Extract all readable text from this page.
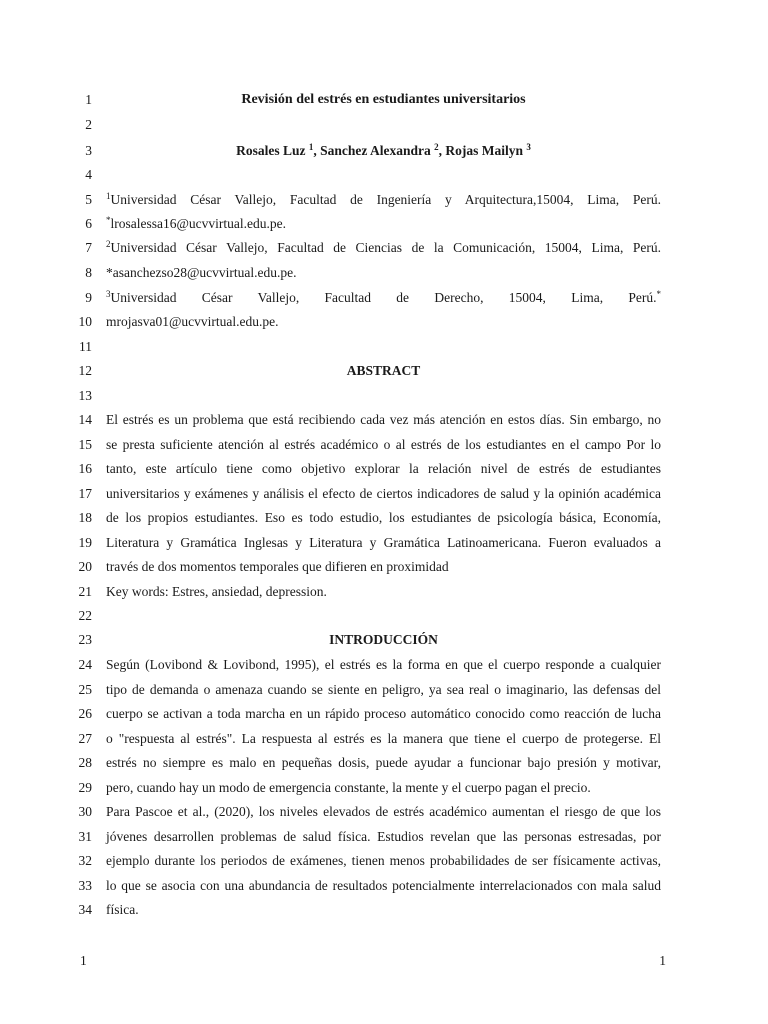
1	Revisión del estrés en estudiantes universitarios
2
3	Rosales Luz $^1$, Sanchez Alexandra $^2$, Rojas Mailyn $^3$
4
5 $^1$Universidad César Vallejo, Facultad de Ingeniería y Arquitectura,15004, Lima, Perú.
6 *lrosalessa16@ucvvirtual.edu.pe.
7 $^2$Universidad César Vallejo, Facultad de Ciencias de la Comunicación, 15004, Lima, Perú.
8 *asanchezso28@ucvvirtual.edu.pe.
9 $^3$Universidad César Vallejo, Facultad de Derecho, 15004, Lima, Perú.*
10 mrojasva01@ucvvirtual.edu.pe.
11
12	ABSTRACT
13
14 El estrés es un problema que está recibiendo cada vez más atención en estos días. Sin embargo, no
15 se presta suficiente atención al estrés académico o al estrés de los estudiantes en el campo Por lo
16 tanto, este artículo tiene como objetivo explorar la relación nivel de estrés de estudiantes
17 universitarios y exámenes y análisis el efecto de ciertos indicadores de salud y la opinión académica
18 de los propios estudiantes. Eso es todo estudio, los estudiantes de psicología básica, Economía,
19 Literatura y Gramática Inglesas y Literatura y Gramática Latinoamericana. Fueron evaluados a
20 través de dos momentos temporales que difieren en proximidad
21 Key words: Estres, ansiedad, depression.
22
23	INTRODUCCIÓN
24 Según (Lovibond & Lovibond, 1995), el estrés es la forma en que el cuerpo responde a cualquier
25 tipo de demanda o amenaza cuando se siente en peligro, ya sea real o imaginario, las defensas del
26 cuerpo se activan a toda marcha en un rápido proceso automático conocido como reacción de lucha
27 o "respuesta al estrés". La respuesta al estrés es la manera que tiene el cuerpo de protegerse. El
28 estrés no siempre es malo en pequeñas dosis, puede ayudar a funcionar bajo presión y motivar,
29 pero, cuando hay un modo de emergencia constante, la mente y el cuerpo pagan el precio.
30 Para Pascoe et al., (2020), los niveles elevados de estrés académico aumentan el riesgo de que los
31 jóvenes desarrollen problemas de salud física. Estudios revelan que las personas estresadas, por
32 ejemplo durante los periodos de exámenes, tienen menos probabilidades de ser físicamente activas,
33 lo que se asocia con una abundancia de resultados potencialmente interrelacionados con mala salud
34 física.
1	1
